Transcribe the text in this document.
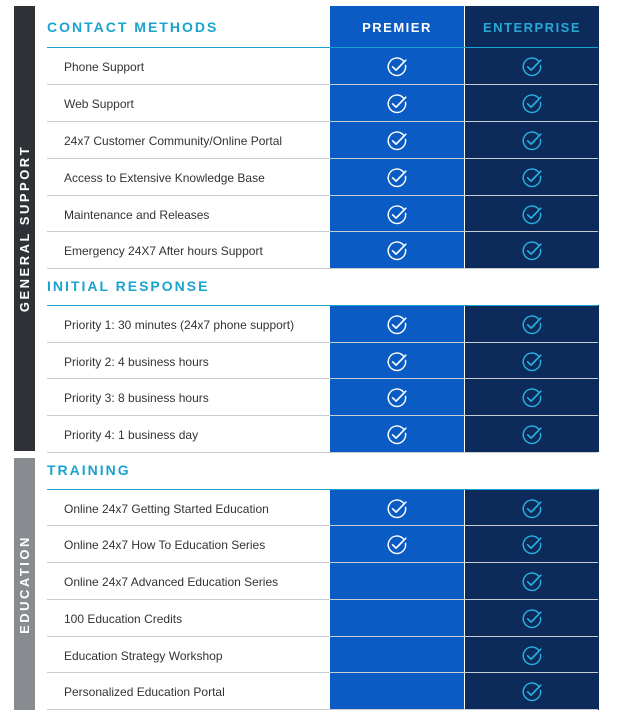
GENERAL SUPPORT
EDUCATION
PREMIER	ENTERPRISE
CONTACT METHODS
Phone Support
Web Support
24x7 Customer Community/Online Portal
Access to Extensive Knowledge Base
Maintenance and Releases
Emergency 24X7 After hours Support
INITIAL RESPONSE
Priority 1: 30 minutes (24x7 phone support)
Priority 2: 4 business hours
Priority 3: 8 business hours
Priority 4: 1 business day
TRAINING
Online 24x7 Getting Started Education
Online 24x7 How To Education Series
Online 24x7 Advanced Education Series
100 Education Credits
Education Strategy Workshop
Personalized Education Portal
